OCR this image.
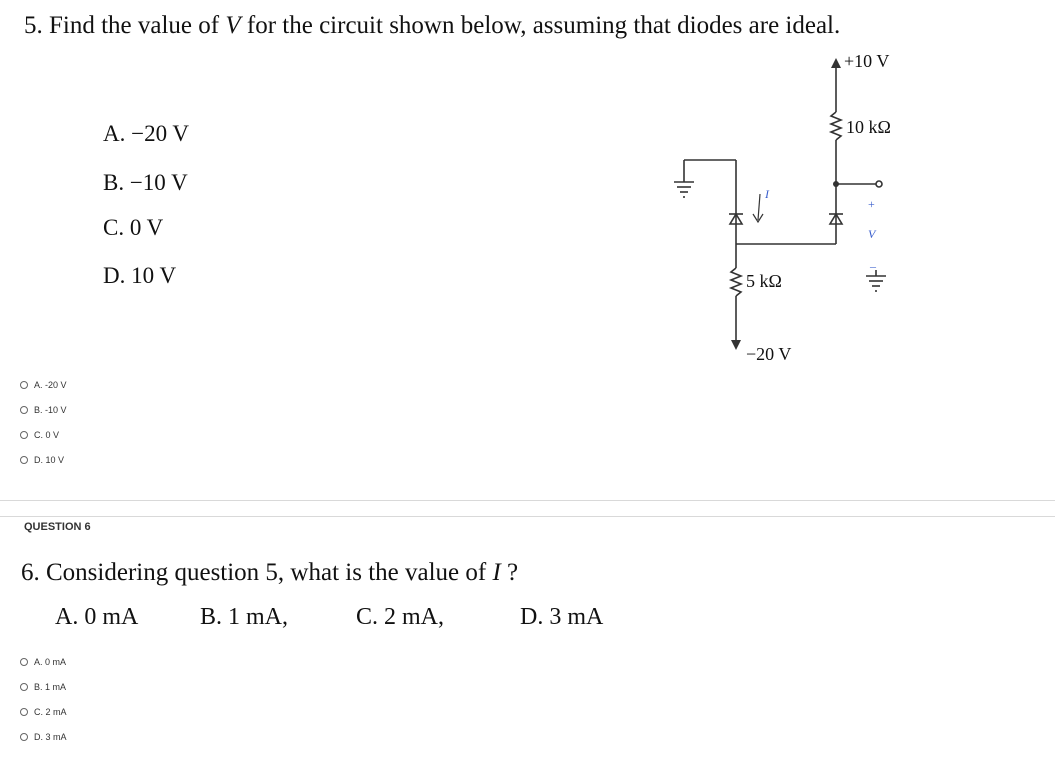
5. Find the value of V for the circuit shown below, assuming that diodes are ideal.
A. −20 V
B. −10 V
C. 0 V
D. 10 V
+10 V
10 kΩ
5 kΩ
−20 V
I
+
V
–
A. -20 V
B. -10 V
C. 0 V
D. 10 V
QUESTION 6
6. Considering question 5, what is the value of I ?
A. 0 mA	B. 1 mA,	C. 2 mA,	D. 3 mA
A. 0 mA
B. 1 mA
C. 2 mA
D. 3 mA
